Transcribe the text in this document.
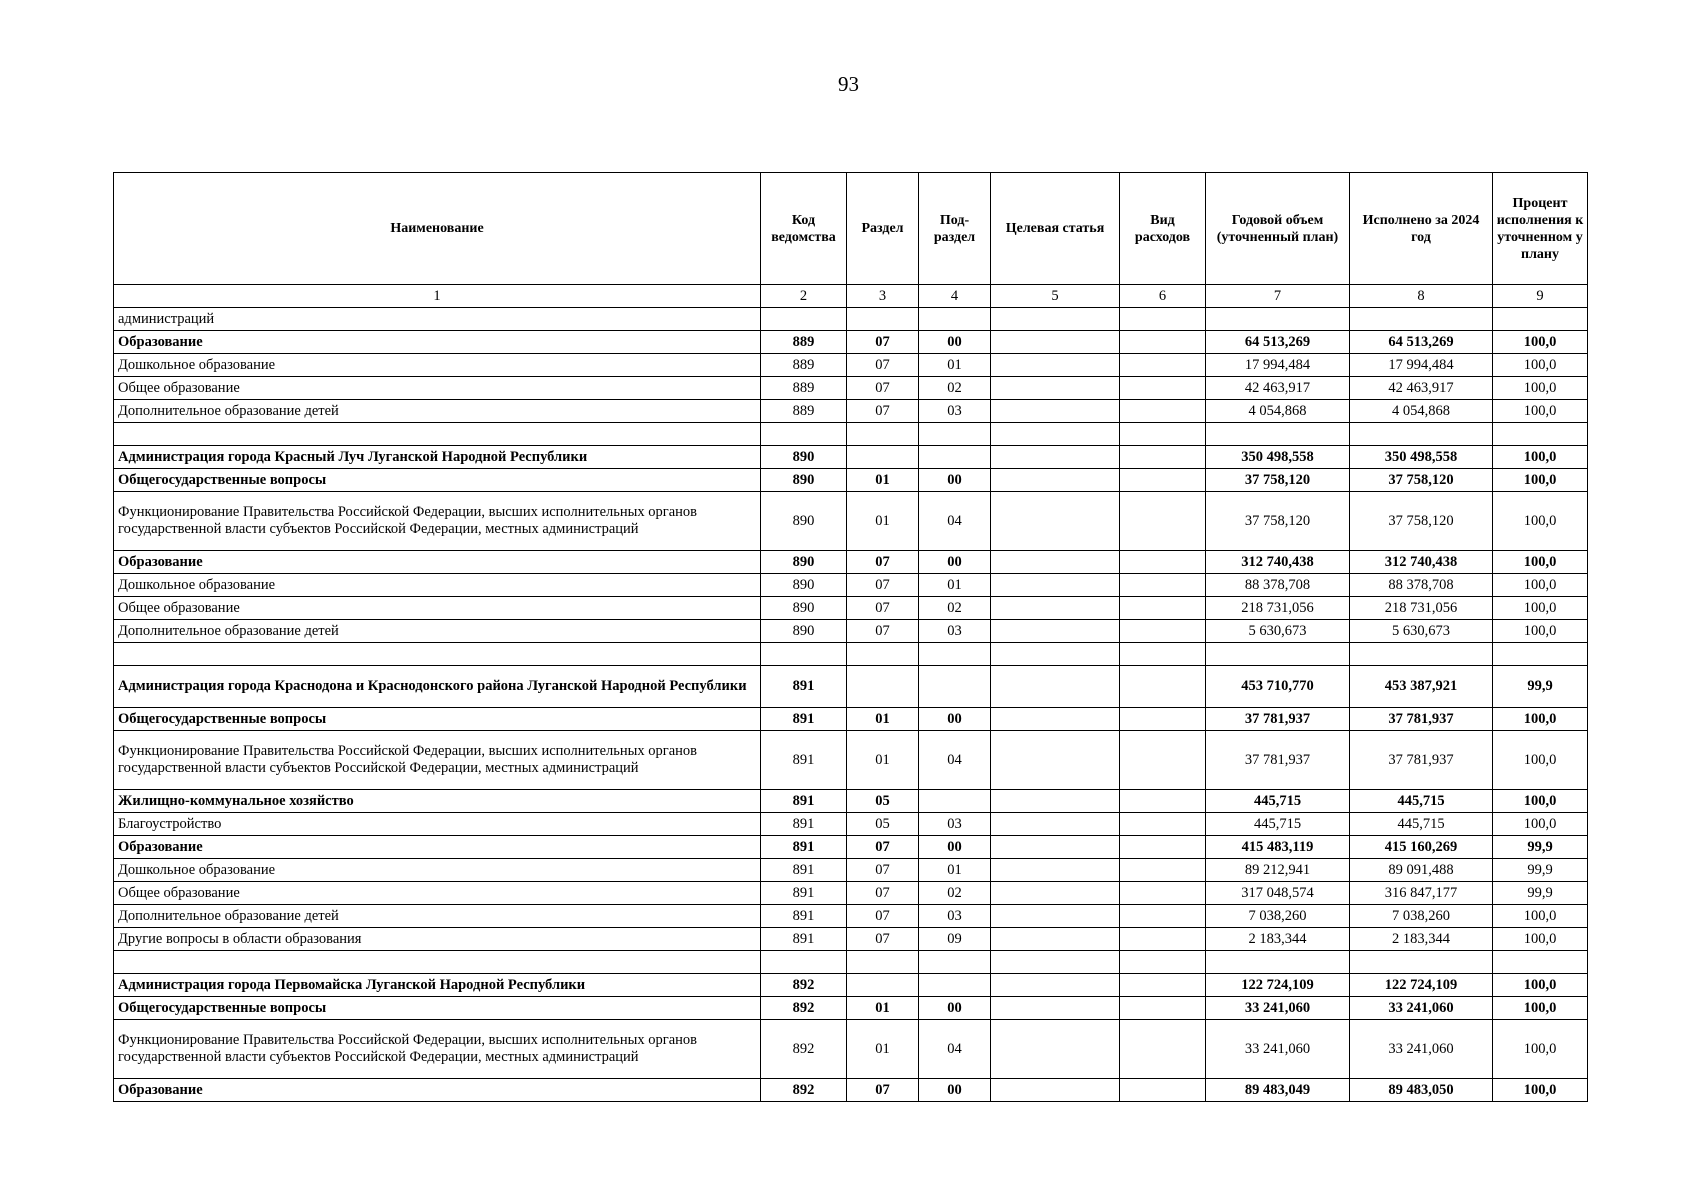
93
Наименование	Код ведомства	Раздел	Под-раздел	Целевая статья	Вид расходов	Годовой объем (уточненный план)	Исполнено за 2024 год	Процент исполнения к уточненном у плану
1	2	3	4	5	6	7	8	9
администраций								
Образование	889	07	00			64 513,269	64 513,269	100,0
Дошкольное образование	889	07	01			17 994,484	17 994,484	100,0
Общее образование	889	07	02			42 463,917	42 463,917	100,0
Дополнительное образование детей	889	07	03			4 054,868	4 054,868	100,0

Администрация города Красный Луч Луганской Народной Республики	890					350 498,558	350 498,558	100,0
Общегосударственные вопросы	890	01	00			37 758,120	37 758,120	100,0
Функционирование Правительства Российской Федерации, высших исполнительных органов государственной власти субъектов Российской Федерации, местных администраций	890	01	04			37 758,120	37 758,120	100,0
Образование	890	07	00			312 740,438	312 740,438	100,0
Дошкольное образование	890	07	01			88 378,708	88 378,708	100,0
Общее образование	890	07	02			218 731,056	218 731,056	100,0
Дополнительное образование детей	890	07	03			5 630,673	5 630,673	100,0

Администрация города Краснодона и Краснодонского района Луганской Народной Республики	891					453 710,770	453 387,921	99,9
Общегосударственные вопросы	891	01	00			37 781,937	37 781,937	100,0
Функционирование Правительства Российской Федерации, высших исполнительных органов государственной власти субъектов Российской Федерации, местных администраций	891	01	04			37 781,937	37 781,937	100,0
Жилищно-коммунальное хозяйство	891	05				445,715	445,715	100,0
Благоустройство	891	05	03			445,715	445,715	100,0
Образование	891	07	00			415 483,119	415 160,269	99,9
Дошкольное образование	891	07	01			89 212,941	89 091,488	99,9
Общее образование	891	07	02			317 048,574	316 847,177	99,9
Дополнительное образование детей	891	07	03			7 038,260	7 038,260	100,0
Другие вопросы в области образования	891	07	09			2 183,344	2 183,344	100,0

Администрация города Первомайска Луганской Народной Республики	892					122 724,109	122 724,109	100,0
Общегосударственные вопросы	892	01	00			33 241,060	33 241,060	100,0
Функционирование Правительства Российской Федерации, высших исполнительных органов государственной власти субъектов Российской Федерации, местных администраций	892	01	04			33 241,060	33 241,060	100,0
Образование	892	07	00			89 483,049	89 483,050	100,0
